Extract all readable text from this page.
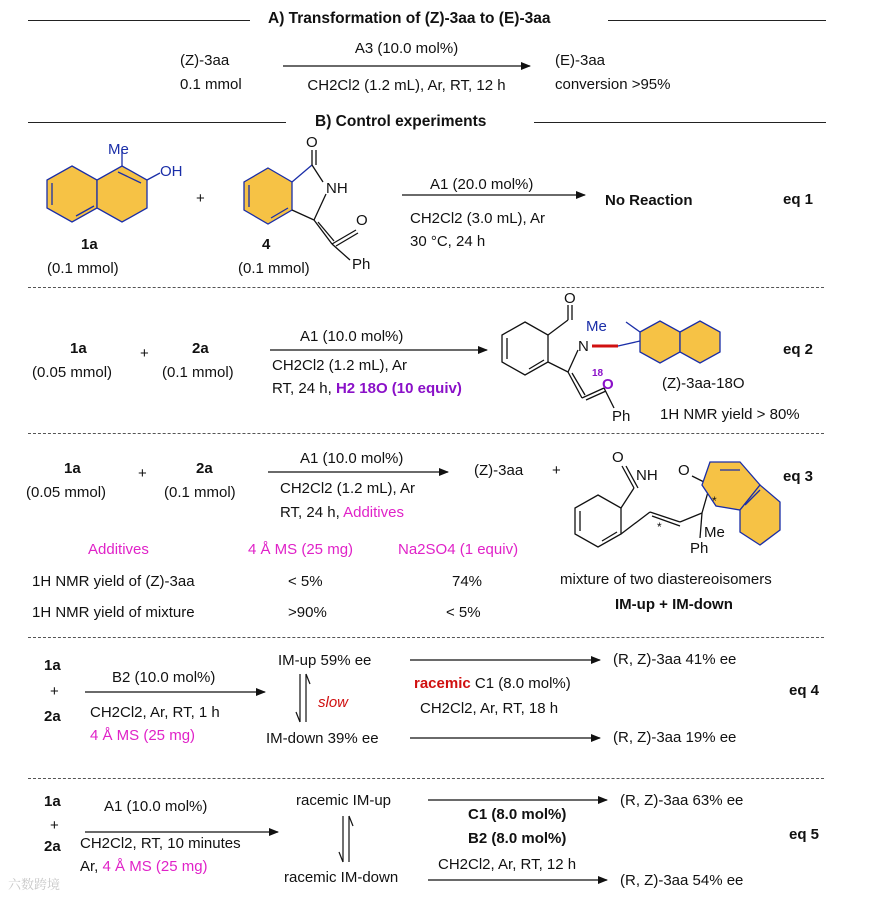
A) Transformation of (Z)-3aa to (E)-3aa
(Z)-3aa
0.1 mmol
A3 (10.0 mol%)
CH2Cl2 (1.2 mL), Ar, RT, 12 h
(E)-3aa
conversion >95%
B) Control experiments
Me
OH
1a
(0.1 mmol)
+
O
NH
O
Ph
4
(0.1 mmol)
A1 (20.0 mol%)
CH2Cl2 (3.0 mL), Ar
30 °C, 24 h
No Reaction	eq 1
1a
(0.05 mmol)
+	2a
(0.1 mmol)
A1 (10.0 mol%)
CH2Cl2 (1.2 mL), Ar
RT, 24 h, H2 18O (10 equiv)
O
N
Me
18
O
Ph
(Z)-3aa-18O
1H NMR yield > 80%
eq 2
1a
(0.05 mmol)
+	2a
(0.1 mmol)
A1 (10.0 mol%)
CH2Cl2 (1.2 mL), Ar
RT, 24 h, Additives
(Z)-3aa +
O
NH O
Me
Ph
*
*
eq 3
Additives	4 Å MS (25 mg)	Na2SO4 (1 equiv)
1H NMR yield of (Z)-3aa	< 5%	74%
1H NMR yield of mixture	>90%	< 5%
mixture of two diastereoisomers
IM-up + IM-down
1a
+
2a
B2 (10.0 mol%)
CH2Cl2, Ar, RT, 1 h
4 Å MS (25 mg)
IM-up 59% ee
slow
IM-down 39% ee
racemic C1 (8.0 mol%)
CH2Cl2, Ar, RT, 18 h
(R, Z)-3aa 41% ee
(R, Z)-3aa 19% ee
eq 4
1a
+
2a
A1 (10.0 mol%)
CH2Cl2, RT, 10 minutes
Ar, 4 Å MS (25 mg)
racemic IM-up
racemic IM-down
C1 (8.0 mol%)
B2 (8.0 mol%)
CH2Cl2, Ar, RT, 12 h
(R, Z)-3aa 63% ee
(R, Z)-3aa 54% ee
eq 5
六数跨境
